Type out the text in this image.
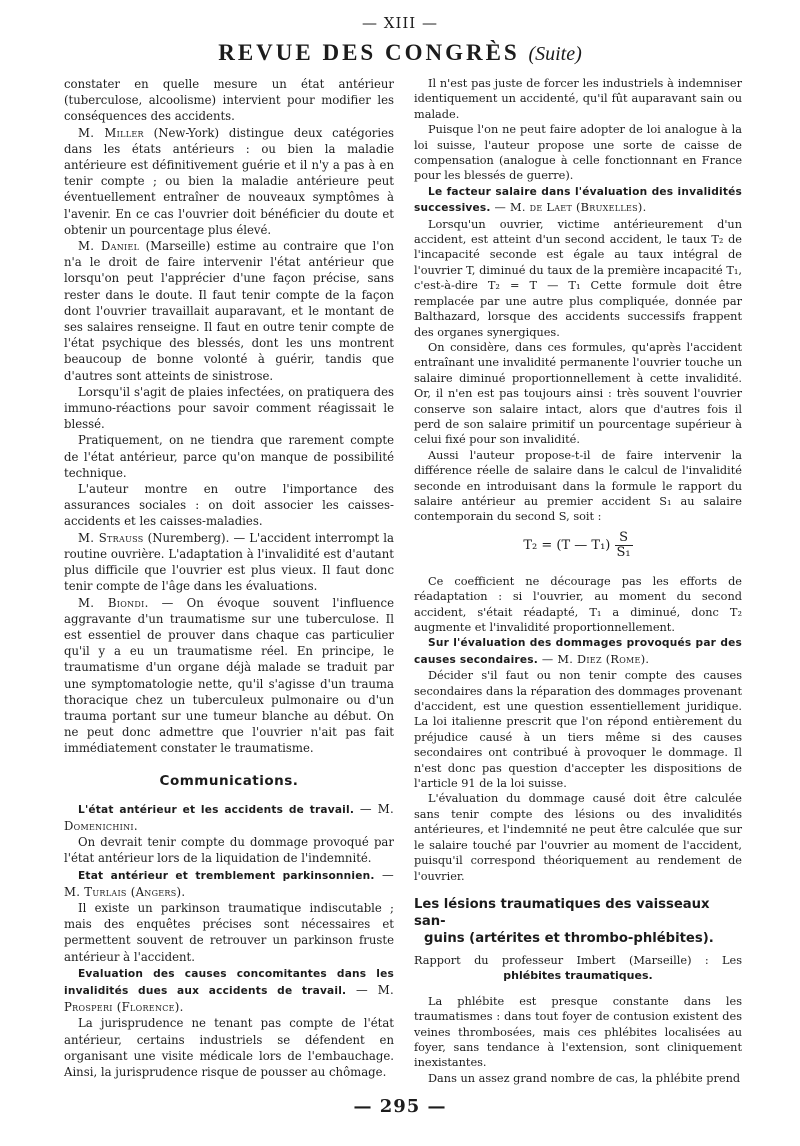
— XIII —
REVUE DES CONGRÈS (Suite)

constater en quelle mesure un état antérieur (tuberculose, alcoolisme) intervient pour modifier les conséquences des accidents.

M. Miller (New-York) distingue deux catégories dans les états antérieurs : ou bien la maladie antérieure est définitivement guérie et il n'y a pas à en tenir compte ; ou bien la maladie antérieure peut éventuellement entraîner de nouveaux symptômes à l'avenir. En ce cas l'ouvrier doit bénéficier du doute et obtenir un pourcentage plus élevé.

M. Daniel (Marseille) estime au contraire que l'on n'a le droit de faire intervenir l'état antérieur que lorsqu'on peut l'apprécier d'une façon précise, sans rester dans le doute. Il faut tenir compte de la façon dont l'ouvrier travaillait auparavant, et le montant de ses salaires renseigne. Il faut en outre tenir compte de l'état psychique des blessés, dont les uns montrent beaucoup de bonne volonté à guérir, tandis que d'autres sont atteints de sinistrose.

Lorsqu'il s'agit de plaies infectées, on pratiquera des immuno-réactions pour savoir comment réagissait le blessé.

Pratiquement, on ne tiendra que rarement compte de l'état antérieur, parce qu'on manque de possibilité technique.

L'auteur montre en outre l'importance des assurances sociales : on doit associer les caisses-accidents et les caisses-maladies.

M. Strauss (Nuremberg). — L'accident interrompt la routine ouvrière. L'adaptation à l'invalidité est d'autant plus difficile que l'ouvrier est plus vieux. Il faut donc tenir compte de l'âge dans les évaluations.

M. Biondi. — On évoque souvent l'influence aggravante d'un traumatisme sur une tuberculose. Il est essentiel de prouver dans chaque cas particulier qu'il y a eu un traumatisme réel. En principe, le traumatisme d'un organe déjà malade se traduit par une symptomatologie nette, qu'il s'agisse d'un trauma thoracique chez un tuberculeux pulmonaire ou d'un trauma portant sur une tumeur blanche au début. On ne peut donc admettre que l'ouvrier n'ait pas fait immédiatement constater le traumatisme.

Communications.

L'état antérieur et les accidents de travail. — M. Domenichini.

On devrait tenir compte du dommage provoqué par l'état antérieur lors de la liquidation de l'indemnité.

Etat antérieur et tremblement parkinsonnien. — M. Turlais (Angers).

Il existe un parkinson traumatique indiscutable ; mais des enquêtes précises sont nécessaires et permettent souvent de retrouver un parkinson fruste antérieur à l'accident.

Evaluation des causes concomitantes dans les invalidités dues aux accidents de travail. — M. Prosperi (Florence).

La jurisprudence ne tenant pas compte de l'état antérieur, certains industriels se défendent en organisant une visite médicale lors de l'embauchage. Ainsi, la jurisprudence risque de pousser au chômage.

Il n'est pas juste de forcer les industriels à indemniser identiquement un accidenté, qu'il fût auparavant sain ou malade.

Puisque l'on ne peut faire adopter de loi analogue à la loi suisse, l'auteur propose une sorte de caisse de compensation (analogue à celle fonctionnant en France pour les blessés de guerre).

Le facteur salaire dans l'évaluation des invalidités successives. — M. de Laet (Bruxelles).

Lorsqu'un ouvrier, victime antérieurement d'un accident, est atteint d'un second accident, le taux T₂ de l'incapacité seconde est égale au taux intégral de l'ouvrier T, diminué du taux de la première incapacité T₁, c'est-à-dire T₂ = T — T₁ Cette formule doit être remplacée par une autre plus compliquée, donnée par Balthazard, lorsque des accidents successifs frappent des organes synergiques.

On considère, dans ces formules, qu'après l'accident entraînant une invalidité permanente l'ouvrier touche un salaire diminué proportionnellement à cette invalidité. Or, il n'en est pas toujours ainsi : très souvent l'ouvrier conserve son salaire intact, alors que d'autres fois il perd de son salaire primitif un pourcentage supérieur à celui fixé pour son invalidité.

Aussi l'auteur propose-t-il de faire intervenir la différence réelle de salaire dans le calcul de l'invalidité seconde en introduisant dans la formule le rapport du salaire antérieur au premier accident S₁ au salaire contemporain du second S, soit :

T₂ = (T — $T_1) \frac{S}{\text{S₁}}$

Ce coefficient ne décourage pas les efforts de réadaptation : si l'ouvrier, au moment du second accident, s'était réadapté, T₁ a diminué, donc T₂ augmente et l'invalidité proportionnellement.

Sur l'évaluation des dommages provoqués par des causes secondaires. — M. Diez (Rome).

Décider s'il faut ou non tenir compte des causes secondaires dans la réparation des dommages provenant d'accident, est une question essentiellement juridique. La loi italienne prescrit que l'on répond entièrement du préjudice causé à un tiers même si des causes secondaires ont contribué à provoquer le dommage. Il n'est donc pas question d'accepter les dispositions de l'article 91 de la loi suisse.

L'évaluation du dommage causé doit être calculée sans tenir compte des lésions ou des invalidités antérieures, et l'indemnité ne peut être calculée que sur le salaire touché par l'ouvrier au moment de l'accident, puisqu'il correspond théoriquement au rendement de l'ouvrier.

Les lésions traumatiques des vaisseaux san-
guins (artérites et thrombo-phlébites).
Rapport du professeur Imbert (Marseille) : Les
phlébites traumatiques.

La phlébite est presque constante dans les traumatismes : dans tout foyer de contusion existent des veines thrombosées, mais ces phlébites localisées au foyer, sans tendance à l'extension, sont cliniquement inexistantes.

Dans un assez grand nombre de cas, la phlébite prend

— 295 —
